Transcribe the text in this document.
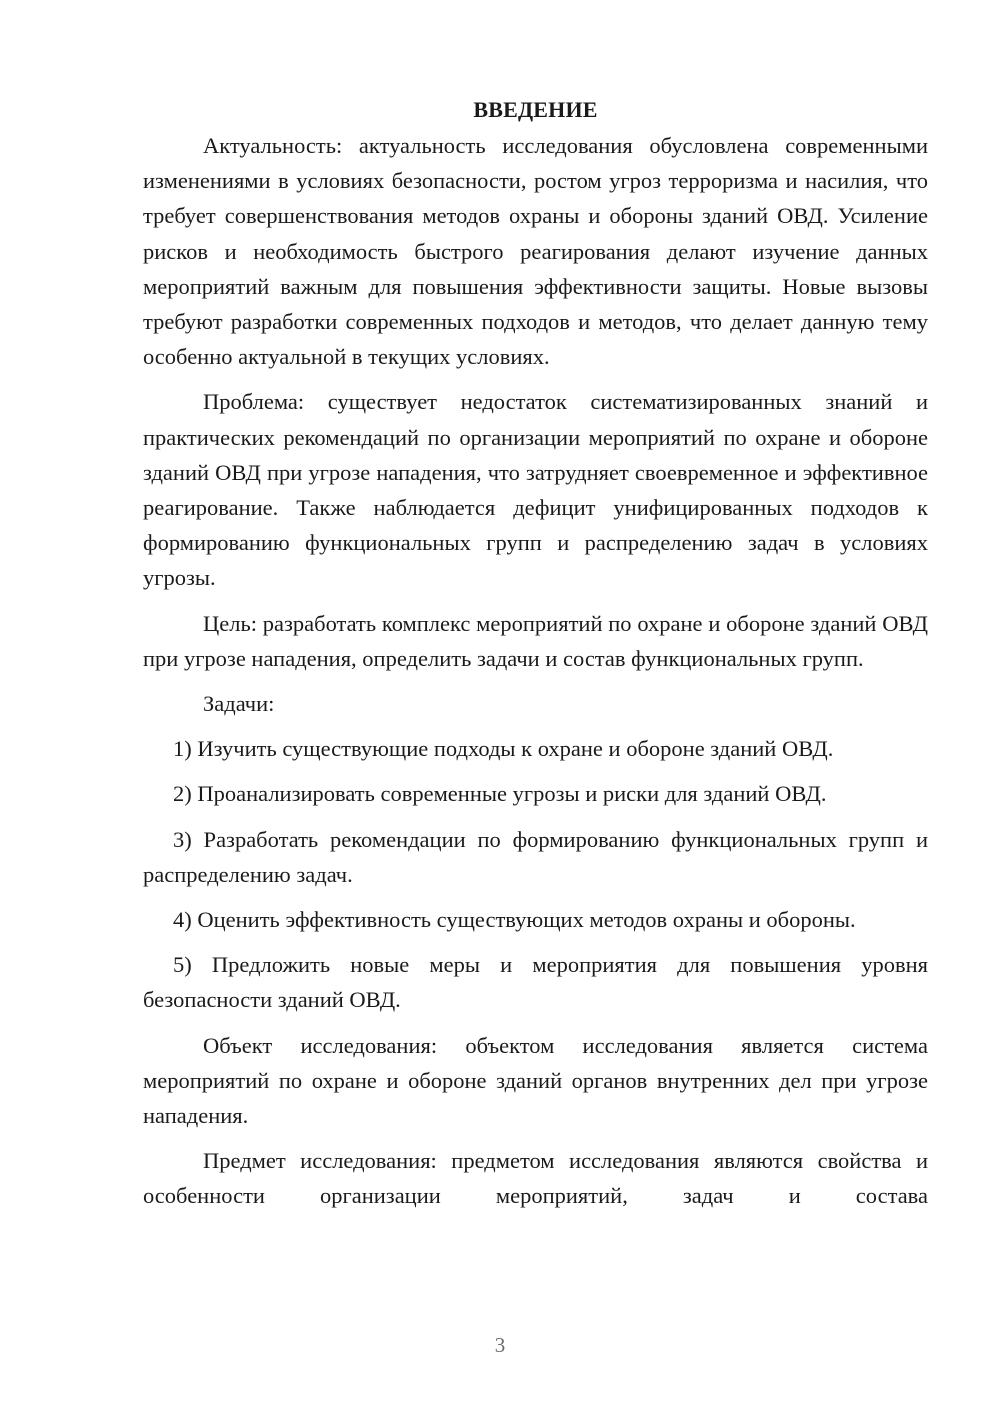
ВВЕДЕНИЕ

Актуальность: актуальность исследования обусловлена современными изменениями в условиях безопасности, ростом угроз терроризма и насилия, что требует совершенствования методов охраны и обороны зданий ОВД. Усиление рисков и необходимость быстрого реагирования делают изучение данных мероприятий важным для повышения эффективности защиты. Новые вызовы требуют разработки современных подходов и методов, что делает данную тему особенно актуальной в текущих условиях.

Проблема: существует недостаток систематизированных знаний и практических рекомендаций по организации мероприятий по охране и обороне зданий ОВД при угрозе нападения, что затрудняет своевременное и эффективное реагирование. Также наблюдается дефицит унифицированных подходов к формированию функциональных групп и распределению задач в условиях угрозы.

Цель: разработать комплекс мероприятий по охране и обороне зданий ОВД при угрозе нападения, определить задачи и состав функциональных групп.

Задачи:

1) Изучить существующие подходы к охране и обороне зданий ОВД.

2) Проанализировать современные угрозы и риски для зданий ОВД.

3) Разработать рекомендации по формированию функциональных групп и распределению задач.

4) Оценить эффективность существующих методов охраны и обороны.

5) Предложить новые меры и мероприятия для повышения уровня безопасности зданий ОВД.

Объект исследования: объектом исследования является система мероприятий по охране и обороне зданий органов внутренних дел при угрозе нападения.

Предмет исследования: предметом исследования являются свойства и особенности организации мероприятий, задач и состава

3
